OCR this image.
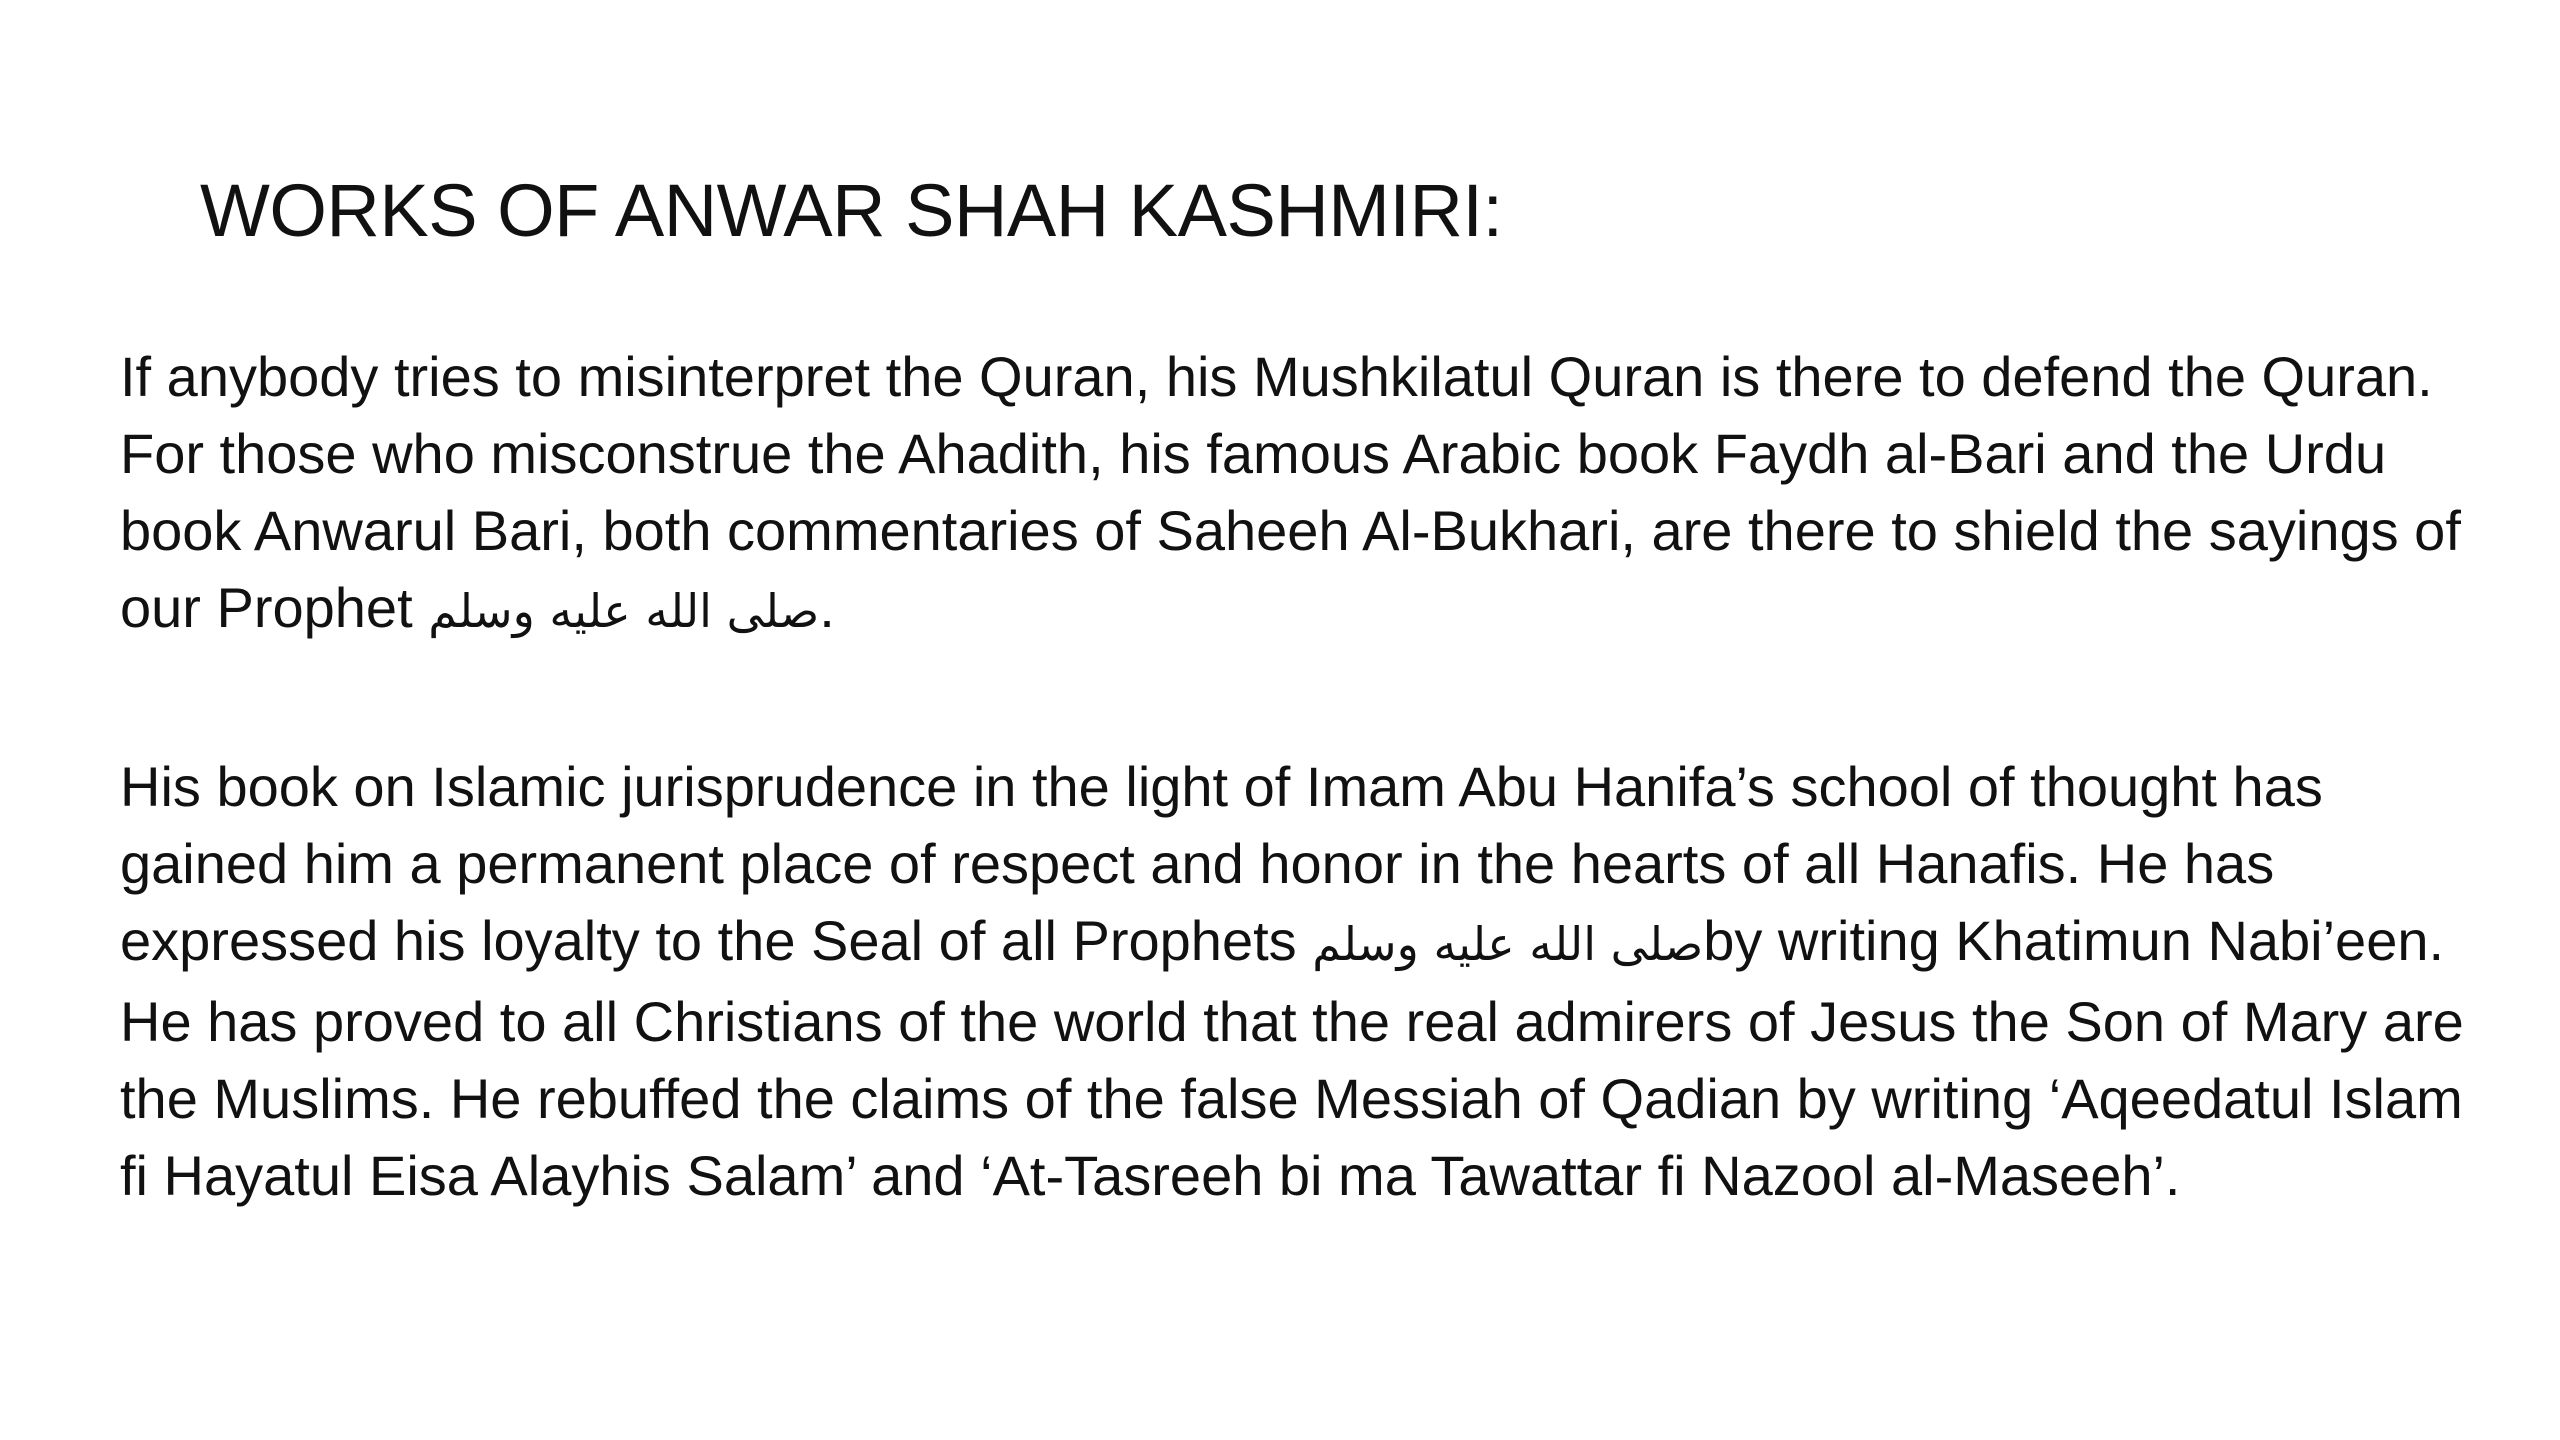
WORKS OF ANWAR SHAH KASHMIRI:

If anybody tries to misinterpret the Quran, his Mushkilatul Quran is there to defend the Quran. For those who misconstrue the Ahadith, his famous Arabic book Faydh al-Bari and the Urdu book Anwarul Bari, both commentaries of Saheeh Al-Bukhari, are there to shield the sayings of our Prophet صلى الله عليه وسلم.

His book on Islamic jurisprudence in the light of Imam Abu Hanifa’s school of thought has gained him a permanent place of respect and honor in the hearts of all Hanafis. He has expressed his loyalty to the Seal of all Prophets صلى الله عليه وسلمby writing Khatimun Nabi’een. He has proved to all Christians of the world that the real admirers of Jesus the Son of Mary are the Muslims. He rebuffed the claims of the false Messiah of Qadian by writing ‘Aqeedatul Islam fi Hayatul Eisa Alayhis Salam’ and ‘At-Tasreeh bi ma Tawattar fi Nazool al-Maseeh’.
